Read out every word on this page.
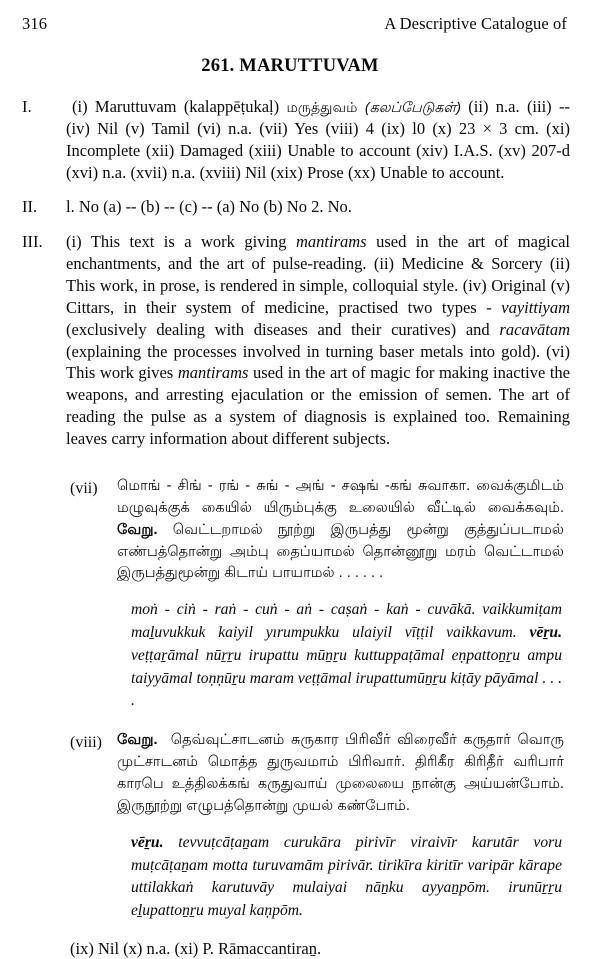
316	A Descriptive Catalogue of
261. MARUTTUVAM
I.	(i) Maruttuvam (kalappēṭukaḷ) மருத்துவம் (கலப்பேடுகள்) (ii) n.a. (iii) -- (iv) Nil (v) Tamil (vi) n.a. (vii) Yes (viii) 4 (ix) l0 (x) 23 × 3 cm. (xi) Incomplete (xii) Damaged (xiii) Unable to account (xiv) I.A.S. (xv) 207-d (xvi) n.a. (xvii) n.a. (xviii) Nil (xix) Prose (xx) Unable to account.
II.	l. No (a) -- (b) -- (c) -- (a) No (b) No 2. No.
III.	(i) This text is a work giving mantirams used in the art of magical enchantments, and the art of pulse-reading. (ii) Medicine & Sorcery (ii) This work, in prose, is rendered in simple, colloquial style. (iv) Original (v) Cittars, in their system of medicine, practised two types - vayittiyam (exclusively dealing with diseases and their curatives) and racavātam (explaining the processes involved in turning baser metals into gold). (vi) This work gives mantirams used in the art of magic for making inactive the weapons, and arresting ejaculation or the emission of semen. The art of reading the pulse as a system of diagnosis is explained too. Remaining leaves carry information about different subjects.
(vii)	மொங் - சிங் - ரங் - சுங் - அங் - சஷங் -கங் சுவாகா. வைக்குமிடம் மழுவுக்குக் கையில் யிரும்புக்கு உலையில் வீட்டில் வைக்கவும். வேறு. வெட்டறாமல் நூற்று இருபத்து மூன்று குத்துப்படாமல் எண்பத்தொன்று அம்பு தைப்யாமல் தொன்னூறு மரம் வெட்டாமல் இருபத்துமூன்று கிடாய் பாயாமல் . . . . . .

moṅ - ciṅ - raṅ - cuṅ - aṅ - caṣaṅ - kaṅ - cuvākā. vaikkumiṭam maḻuvukkuk kaiyil yırumpukku ulaiyil vīṭṭil vaikkavum. vēṟu. veṭṭaṟāmal nūṟṟu irupattu mūṉṟu kuttuppaṭāmal eṇpattoṉṟu ampu taiyyāmal toṇṇūṟu maram veṭṭāmal irupattumūṉṟu kiṭāy pāyāmal . . . .

(viii)	வேறு. தெவ்வுட்சாடனம் சுருகார பிரிவீர் விரைவீர் கருதார் வொரு முட்சாடனம் மொத்த துருவமாம் பிரிவார். திரிகீர கிரிதீர் வரிபார் காரபெ உத்திலக்கங் கருதுவாய் முலையை நான்கு அய்யன்போம். இருநூற்று எழுபத்தொன்று முயல் கண்போம்.

vēṟu. tevvuṭcāṭaṉam curukāra pirivīr viraivīr karutār voru muṭcāṭaṉam motta turuvamām pirivār. tirikīra kiritīr varipār kārape uttilakkaṅ karutuvāy mulaiyai nāṉku ayyaṉpōm. irunūṟṟu eḻupattoṉṟu muyal kaṇpōm.

(ix) Nil (x) n.a. (xi) P. Rāmaccantiraṉ.
